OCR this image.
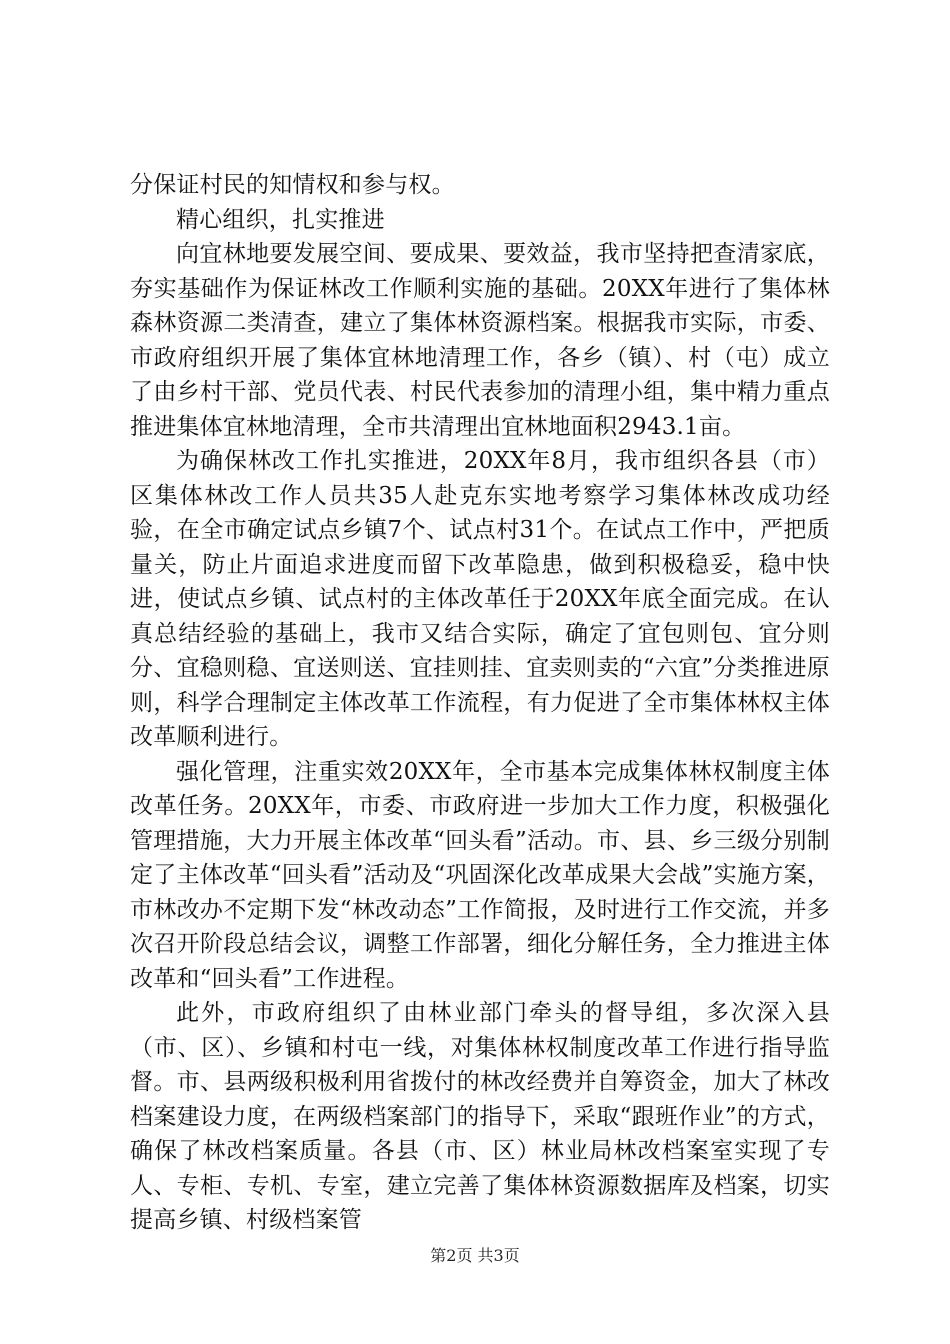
分保证村民的知情权和参与权。

精心组织，扎实推进

向宜林地要发展空间、要成果、要效益，我市坚持把查清家底，夯实基础作为保证林改工作顺利实施的基础。20XX年进行了集体林森林资源二类清查，建立了集体林资源档案。根据我市实际，市委、市政府组织开展了集体宜林地清理工作，各乡（镇）、村（屯）成立了由乡村干部、党员代表、村民代表参加的清理小组，集中精力重点推进集体宜林地清理，全市共清理出宜林地面积2943.1亩。

为确保林改工作扎实推进，20XX年8月，我市组织各县（市）区集体林改工作人员共35人赴克东实地考察学习集体林改成功经验，在全市确定试点乡镇7个、试点村31个。在试点工作中，严把质量关，防止片面追求进度而留下改革隐患，做到积极稳妥，稳中快进，使试点乡镇、试点村的主体改革任于20XX年底全面完成。在认真总结经验的基础上，我市又结合实际，确定了宜包则包、宜分则分、宜稳则稳、宜送则送、宜挂则挂、宜卖则卖的“六宜”分类推进原则，科学合理制定主体改革工作流程，有力促进了全市集体林权主体改革顺利进行。

强化管理，注重实效20XX年，全市基本完成集体林权制度主体改革任务。20XX年，市委、市政府进一步加大工作力度，积极强化管理措施，大力开展主体改革“回头看”活动。市、县、乡三级分别制定了主体改革“回头看”活动及“巩固深化改革成果大会战”实施方案，市林改办不定期下发“林改动态”工作简报，及时进行工作交流，并多次召开阶段总结会议，调整工作部署，细化分解任务，全力推进主体改革和“回头看”工作进程。

此外，市政府组织了由林业部门牵头的督导组，多次深入县（市、区）、乡镇和村屯一线，对集体林权制度改革工作进行指导监督。市、县两级积极利用省拨付的林改经费并自筹资金，加大了林改档案建设力度，在两级档案部门的指导下，采取“跟班作业”的方式，确保了林改档案质量。各县（市、区）林业局林改档案室实现了专人、专柜、专机、专室，建立完善了集体林资源数据库及档案，切实提高乡镇、村级档案管

第2页 共3页
